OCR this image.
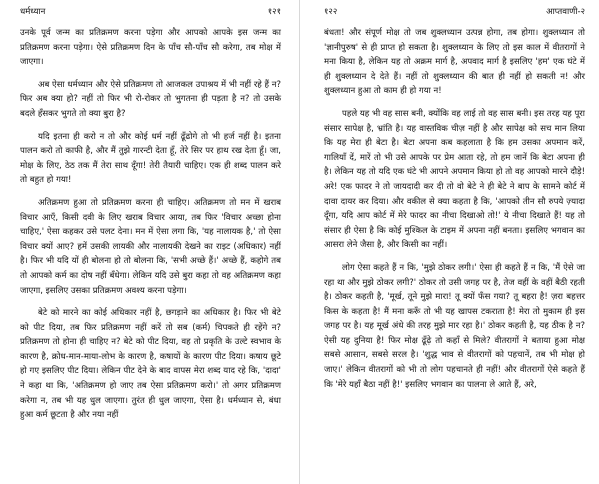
धर्मध्यान	१२१

उनके पूर्व जन्म का प्रतिक्रमण करना पड़ेगा और आपको आपके इस जन्म का प्रतिक्रमण करना पड़ेगा। ऐसे प्रतिक्रमण दिन के पाँच सौ-पाँच सौ करेगा, तब मोक्ष में जाएगा।

अब ऐसा धर्मध्यान और ऐसे प्रतिक्रमण तो आजकल उपाश्रय में भी नहीं रहे हैं न? फिर अब क्या हो? नहीं तो फिर भी रो-रोकर तो भुगतना ही पड़ता है न? तो उसके बदले हँसकर भुगते तो क्या बुरा है?

यदि इतना ही करो न तो और कोई धर्म नहीं ढूँढोगे तो भी हर्ज नहीं है। इतना पालन करो तो काफी है, और मैं तुझे गारन्टी देता हूँ, तेरे सिर पर हाथ रख देता हूँ। जा, मोक्ष के लिए, ठेठ तक मैं तेरा साथ दूँगा! तेरी तैयारी चाहिए। एक ही शब्द पालन करे तो बहुत हो गया!

अतिक्रमण हुआ तो प्रतिक्रमण करना ही चाहिए। अतिक्रमण तो मन में खराब विचार आएँ, किसी दवी के लिए खराब विचार आया, तब फिर 'विचार अच्छा होना चाहिए,' ऐसा कहकर उसे पलट देना। मन में ऐसा लगा कि, 'यह नालायक है,' तो ऐसा विचार क्यों आए? हमें उसकी लायकी और नालायकी देखने का राइट (अधिकार) नहीं है। फिर भी यदि यों ही बोलना हो तो बोलना कि, 'सभी अच्छे हैं।' अच्छे हैं, कहोगे तब तो आपको कर्म का दोष नहीं बँधेगा। लेकिन यदि उसे बुरा कहा तो वह अतिक्रमण कहा जाएगा, इसलिए उसका प्रतिक्रमण अवश्य करना पड़ेगा।

बेटे को मारने का कोई अधिकार नहीं है, छगड़ाने का अधिकार है। फिर भी बेटे को पीट दिया, तब फिर प्रतिक्रमण नहीं करें तो सब (कर्म) चिपकते ही रहेंगे न? प्रतिक्रमण तो होना ही चाहिए न? बेटे को पीट दिया, वह तो प्रकृति के उल्टे स्वभाव के कारण है, क्रोध-मान-माया-लोभ के कारण है, कषायों के कारण पीट दिया। कषाय छूटे हो गए इसलिए पीट दिया। लेकिन पीट देने के बाद वापस मेरा शब्द याद रहे कि, 'दादा' ने कहा था कि, 'अतिक्रमण हो जाए तब ऐसा प्रतिक्रमण करो।' तो अगर प्रतिक्रमण करेगा न, तब भी यह धुल जाएगा। तुरंत ही धुल जाएगा, ऐसा है। धर्मध्यान से, बंधा हुआ कर्म छूटता है और नया नहीं

१२२	आप्तवाणी-२

बंधता! और संपूर्ण मोक्ष तो जब शुक्लध्यान उत्पन्न होगा, तब होगा। शुक्लध्यान तो 'ज्ञानीपुरुष' से ही प्राप्त हो सकता है। शुक्लध्यान के लिए तो इस काल में वीतरागों ने मना किया है, लेकिन यह तो अक्रम मार्ग है, अपवाद मार्ग है इसलिए 'हम' एक घंटे में ही शुक्लध्यान दे देते हैं। नहीं तो शुक्लध्यान की बात ही नहीं हो सकती न! और शुक्लध्यान हुआ तो काम ही हो गया न!

पहले यह भी वह सास बनी, क्योंकि वह लाई तो वह सास बनी। इस तरह यह पूरा संसार सापेक्ष है, भ्रांति है। यह वास्तविक चीज़ नहीं है और सापेक्ष को सच मान लिया कि यह मेरा ही बेटा है। बेटा अपना कब कहलाता है कि हम उसका अपमान करें, गालियाँ दें, मारें तो भी उसे आपके पर प्रेम आता रहे, तो हम जानें कि बेटा अपना ही है। लेकिन यह तो यदि एक घंटे भी आपने अपमान किया हो तो वह आपको मारने दौड़े! अरे! एक फादर ने तो जायदादी कर दी तो वो बेटे ने ही बेटे ने बाप के सामने कोर्ट में दावा दायर कर दिया। और वकील से क्या कहता है कि, 'आपको तीन सौ रुपये ज़्यादा दूँगा, यदि आप कोर्ट में मेरे फादर का नीचा दिखाओ तो!' ये नीचा दिखाते हैं! यह तो संसार ही ऐसा है कि कोई मुश्किल के टाइम में अपना नहीं बनता। इसलिए भगवान का आसरा लेने जैसा है, और किसी का नहीं।

लोग ऐसा कहते हैं न कि, 'मुझे ठोकर लगी।' ऐसा ही कहते हैं न कि, 'मैं ऐसे जा रहा था और मुझे ठोकर लगी?' ठोकर तो उसी जगह पर है, तेज वहीं के वहीं बैठी रहती है। ठोकर कहती है, 'मूर्ख, तूने मुझे मारा! तू क्यों फँस गया? तू बहरा है! ज़रा बहत्तर किस के कहता है! मैं मना करूँ तो भी यह खापस टकराता है! मेरा तो मुकाम ही इस जगह पर है। यह मूर्ख अंधे की तरह मुझे मार रहा है।' ठोकर कहती है, यह ठीक है न? ऐसी यह दुनिया है! फिर मोक्ष ढूँढ़े तो कहाँ से मिले? वीतरागों ने बताया हुआ मोक्ष सबसे आसान, सबसे सरल है। 'शुद्ध भाव से वीतरागों को पहचानें, तब भी मोक्ष हो जाए।' लेकिन वीतरागों को भी तो लोग पहचानते ही नहीं! और वीतरागों ऐसे कहते हैं कि 'मेरे यहाँ बैठा नहीं है!' इसलिए भगवान का पालना ले आते हैं, अरे,
